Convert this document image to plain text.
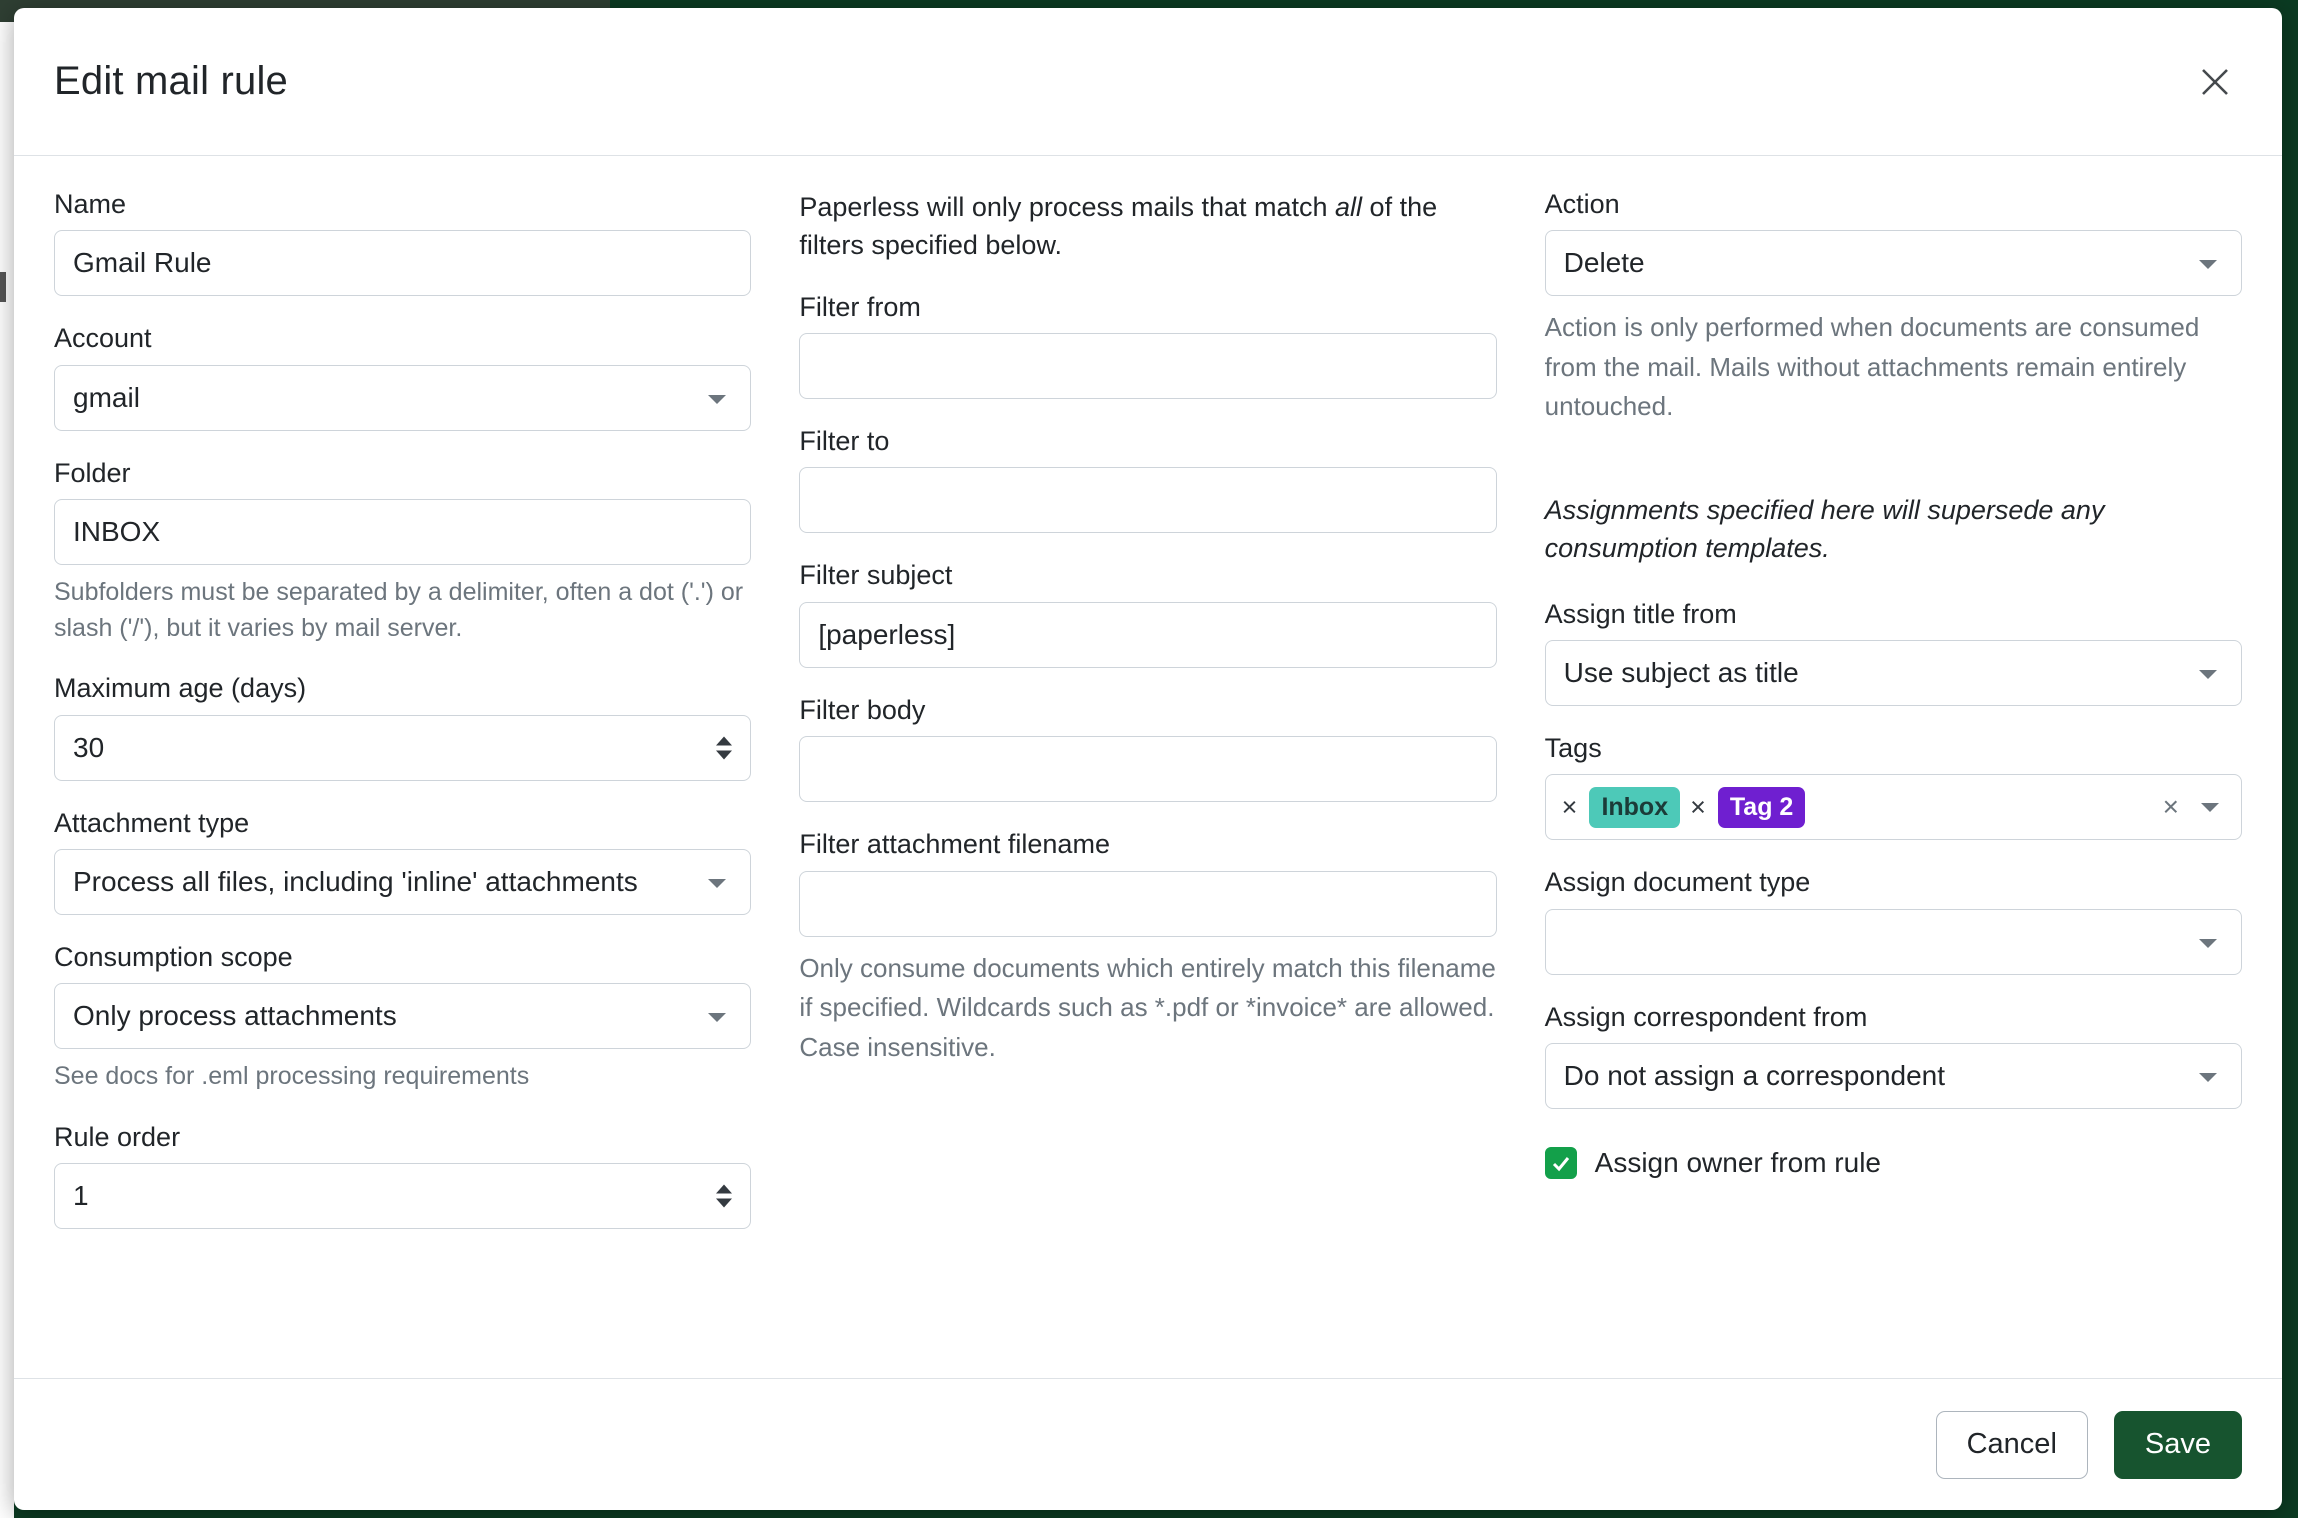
Edit mail rule
Name
Gmail Rule
Account
gmail
Folder
INBOX
Subfolders must be separated by a delimiter, often a dot ('.') or slash ('/'), but it varies by mail server.
Maximum age (days)
30
Attachment type
Process all files, including 'inline' attachments
Consumption scope
Only process attachments
See docs for .eml processing requirements
Rule order
1

Paperless will only process mails that match all of the filters specified below.

Filter from
Filter to
Filter subject
[paperless]
Filter body
Filter attachment filename
Only consume documents which entirely match this filename if specified. Wildcards such as *.pdf or *invoice* are allowed. Case insensitive.
Action
Delete
Action is only performed when documents are consumed from the mail. Mails without attachments remain entirely untouched.
Assignments specified here will supersede any consumption templates.
Assign title from
Use subject as title
Tags
× Inbox × Tag 2	×
Assign document type
Assign correspondent from
Do not assign a correspondent
Assign owner from rule
Cancel	Save
